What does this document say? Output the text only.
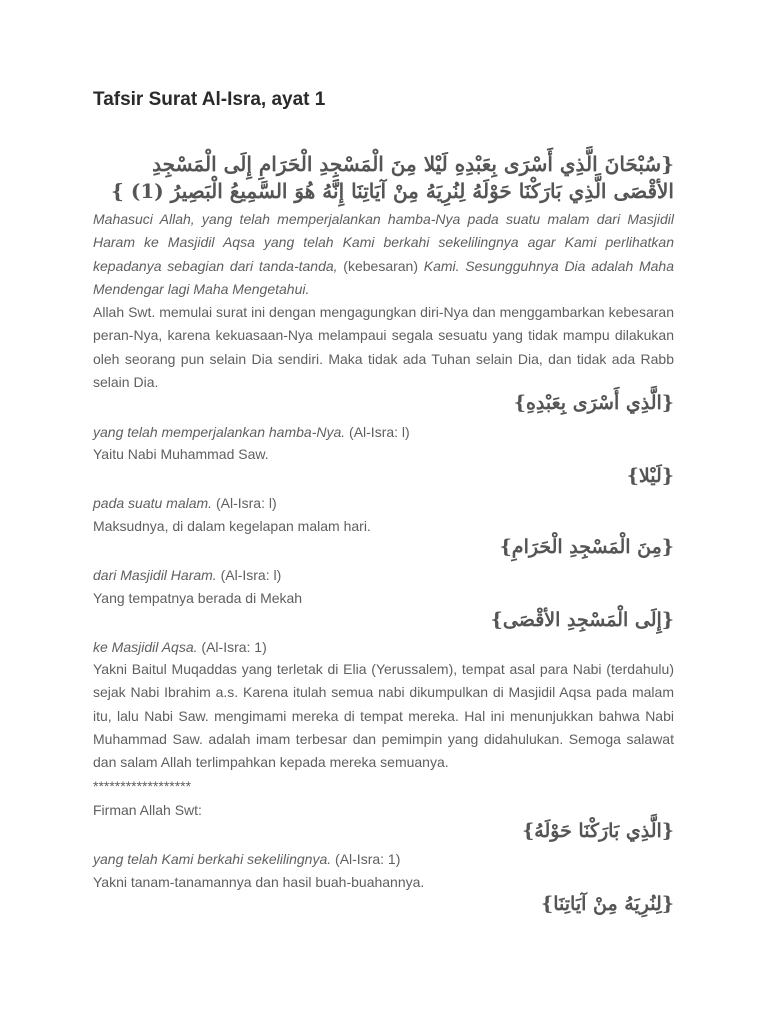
Tafsir Surat Al-Isra, ayat 1
{سُبْحَانَ الَّذِي أَسْرَى بِعَبْدِهِ لَيْلا مِنَ الْمَسْجِدِ الْحَرَامِ إِلَى الْمَسْجِدِ الأقْصَى الَّذِي بَارَكْنَا حَوْلَهُ لِنُرِيَهُ مِنْ آيَاتِنَا إِنَّهُ هُوَ السَّمِيعُ الْبَصِيرُ (1) }

Mahasuci Allah, yang telah memperjalankan hamba-Nya pada suatu malam dari Masjidil Haram ke Masjidil Aqsa yang telah Kami berkahi sekelilingnya agar Kami perlihatkan kepadanya sebagian dari tanda-tanda, (kebesaran) Kami. Sesungguhnya Dia adalah Maha Mendengar lagi Maha Mengetahui.

Allah Swt. memulai surat ini dengan mengagungkan diri-Nya dan menggambarkan kebesaran peran-Nya, karena kekuasaan-Nya melampaui segala sesuatu yang tidak mampu dilakukan oleh seorang pun selain Dia sendiri. Maka tidak ada Tuhan selain Dia, dan tidak ada Rabb selain Dia.

{الَّذِي أَسْرَى بِعَبْدِهِ}
yang telah memperjalankan hamba-Nya. (Al-Isra: l)
Yaitu Nabi Muhammad Saw.
{لَيْلا}
pada suatu malam. (Al-Isra: l)
Maksudnya, di dalam kegelapan malam hari.
{مِنَ الْمَسْجِدِ الْحَرَامِ}
dari Masjidil Haram. (Al-Isra: l)
Yang tempatnya berada di Mekah
{إِلَى الْمَسْجِدِ الأقْصَى}
ke Masjidil Aqsa. (Al-Isra: 1)

Yakni Baitul Muqaddas yang terletak di Elia (Yerussalem), tempat asal para Nabi (terdahulu) sejak Nabi Ibrahim a.s. Karena itulah semua nabi dikumpulkan di Masjidil Aqsa pada malam itu, lalu Nabi Saw. mengimami mereka di tempat mereka. Hal ini menunjukkan bahwa Nabi Muhammad Saw. adalah imam terbesar dan pemimpin yang didahulukan. Semoga salawat dan salam Allah terlimpahkan kepada mereka semuanya.

******************
Firman Allah Swt:
{الَّذِي بَارَكْنَا حَوْلَهُ}
yang telah Kami berkahi sekelilingnya. (Al-Isra: 1)
Yakni tanam-tanamannya dan hasil buah-buahannya.
{لِنُرِيَهُ مِنْ آيَاتِنَا}
